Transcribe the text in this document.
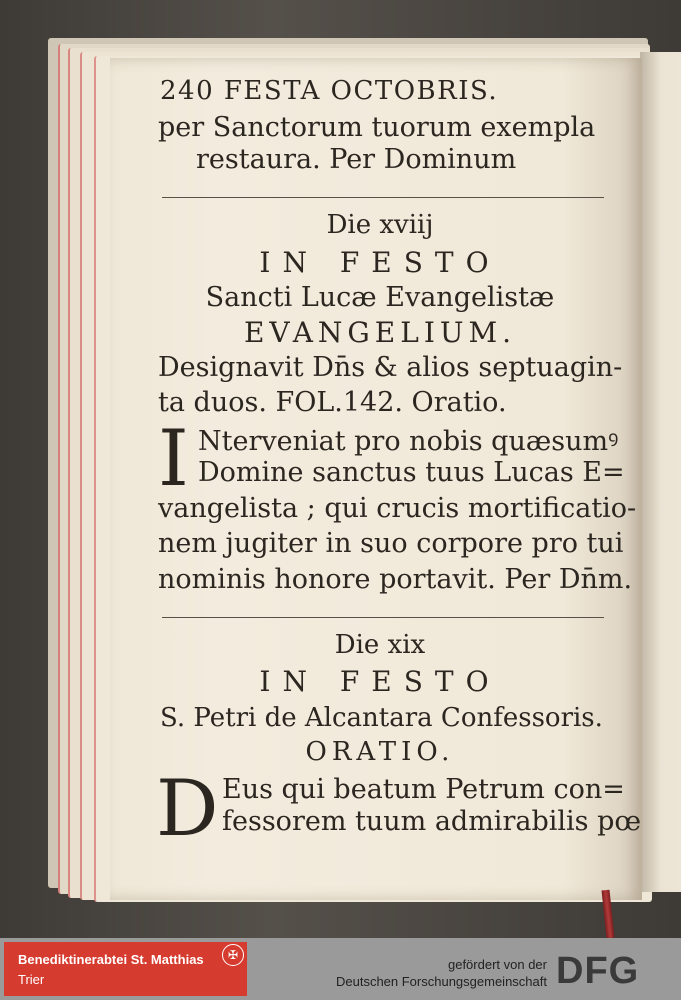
240 FESTA OCTOBRIS.
per Sanctorum tuorum exempla
restaura. Per Dominum
Die xviij
IN FESTO
Sancti Lucæ Evangelistæ
EVANGELIUM.
Designavit Dn̄s & alios septuagin-
ta duos. FOL.142. Oratio.
I Nterveniat pro nobis quæsumꝰ
Domine sanctus tuus Lucas E=
vangelista ; qui crucis mortificatio-
nem jugiter in suo corpore pro tui
nominis honore portavit. Per Dn̄m.
Die xix
IN FESTO
S. Petri de Alcantara Confessoris.
ORATIO.
D Eus qui beatum Petrum con=
fessorem tuum admirabilis pœ
Benediktinerabtei St. Matthias
Trier
✠
gefördert von der
Deutschen Forschungsgemeinschaft DFG
